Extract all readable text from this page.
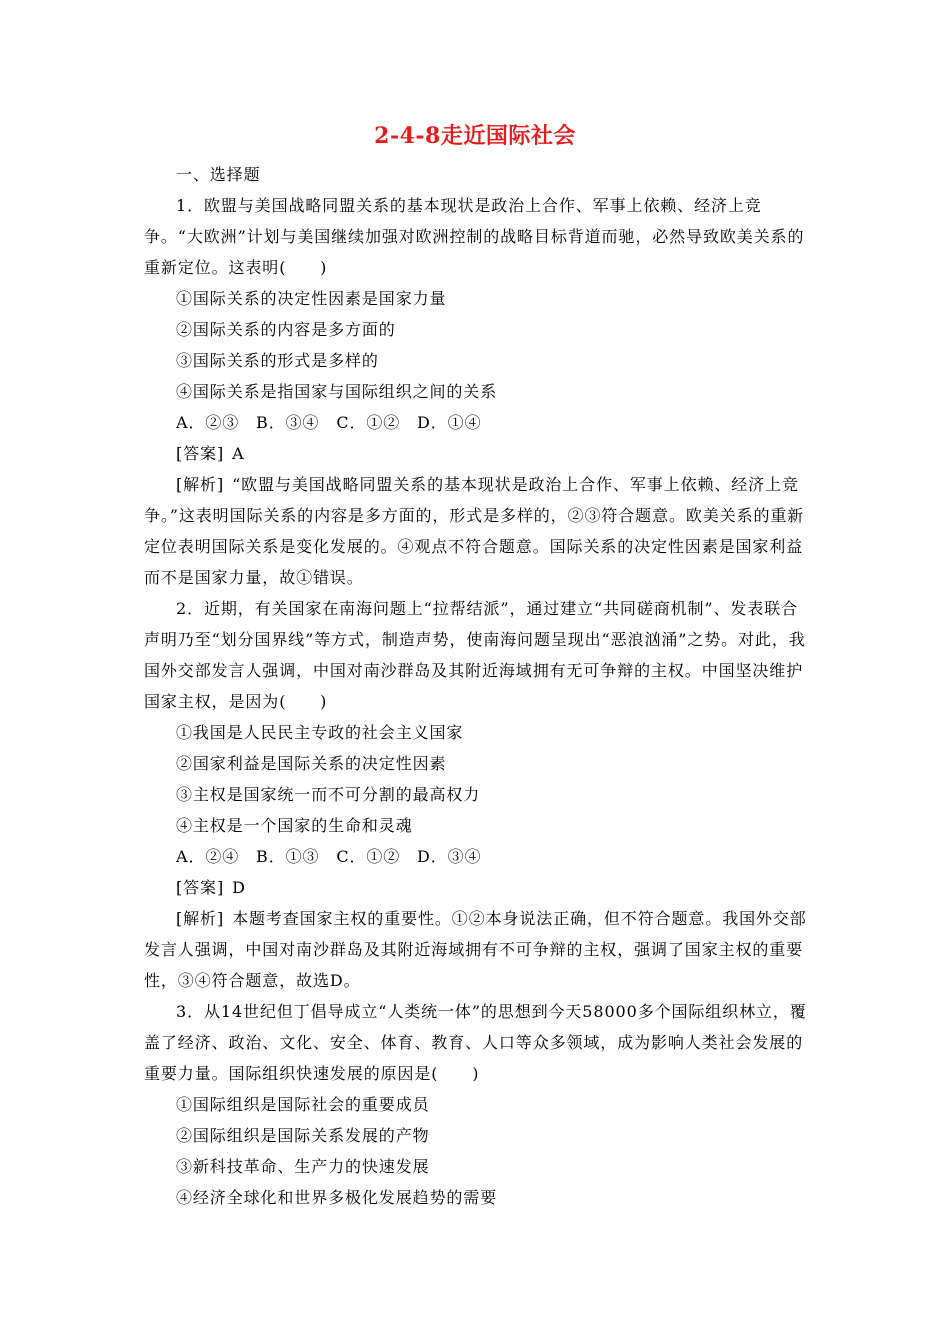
2-4-8走近国际社会

一、选择题

1．欧盟与美国战略同盟关系的基本现状是政治上合作、军事上依赖、经济上竞争。“大欧洲”计划与美国继续加强对欧洲控制的战略目标背道而驰，必然导致欧美关系的重新定位。这表明(　　)

①国际关系的决定性因素是国家力量

②国际关系的内容是多方面的

③国际关系的形式是多样的

④国际关系是指国家与国际组织之间的关系

A．②③　B．③④　C．①②　D．①④

[答案] A

[解析] “欧盟与美国战略同盟关系的基本现状是政治上合作、军事上依赖、经济上竞争。”这表明国际关系的内容是多方面的，形式是多样的，②③符合题意。欧美关系的重新定位表明国际关系是变化发展的。④观点不符合题意。国际关系的决定性因素是国家利益而不是国家力量，故①错误。

2．近期，有关国家在南海问题上“拉帮结派”，通过建立“共同磋商机制”、发表联合声明乃至“划分国界线”等方式，制造声势，使南海问题呈现出“恶浪汹涌”之势。对此，我国外交部发言人强调，中国对南沙群岛及其附近海域拥有无可争辩的主权。中国坚决维护国家主权，是因为(　　)

①我国是人民民主专政的社会主义国家

②国家利益是国际关系的决定性因素

③主权是国家统一而不可分割的最高权力

④主权是一个国家的生命和灵魂

A．②④　B．①③　C．①②　D．③④

[答案] D

[解析] 本题考查国家主权的重要性。①②本身说法正确，但不符合题意。我国外交部发言人强调，中国对南沙群岛及其附近海域拥有不可争辩的主权，强调了国家主权的重要性，③④符合题意，故选D。

3．从14世纪但丁倡导成立“人类统一体”的思想到今天58000多个国际组织林立，覆盖了经济、政治、文化、安全、体育、教育、人口等众多领域，成为影响人类社会发展的重要力量。国际组织快速发展的原因是(　　)

①国际组织是国际社会的重要成员

②国际组织是国际关系发展的产物

③新科技革命、生产力的快速发展

④经济全球化和世界多极化发展趋势的需要
